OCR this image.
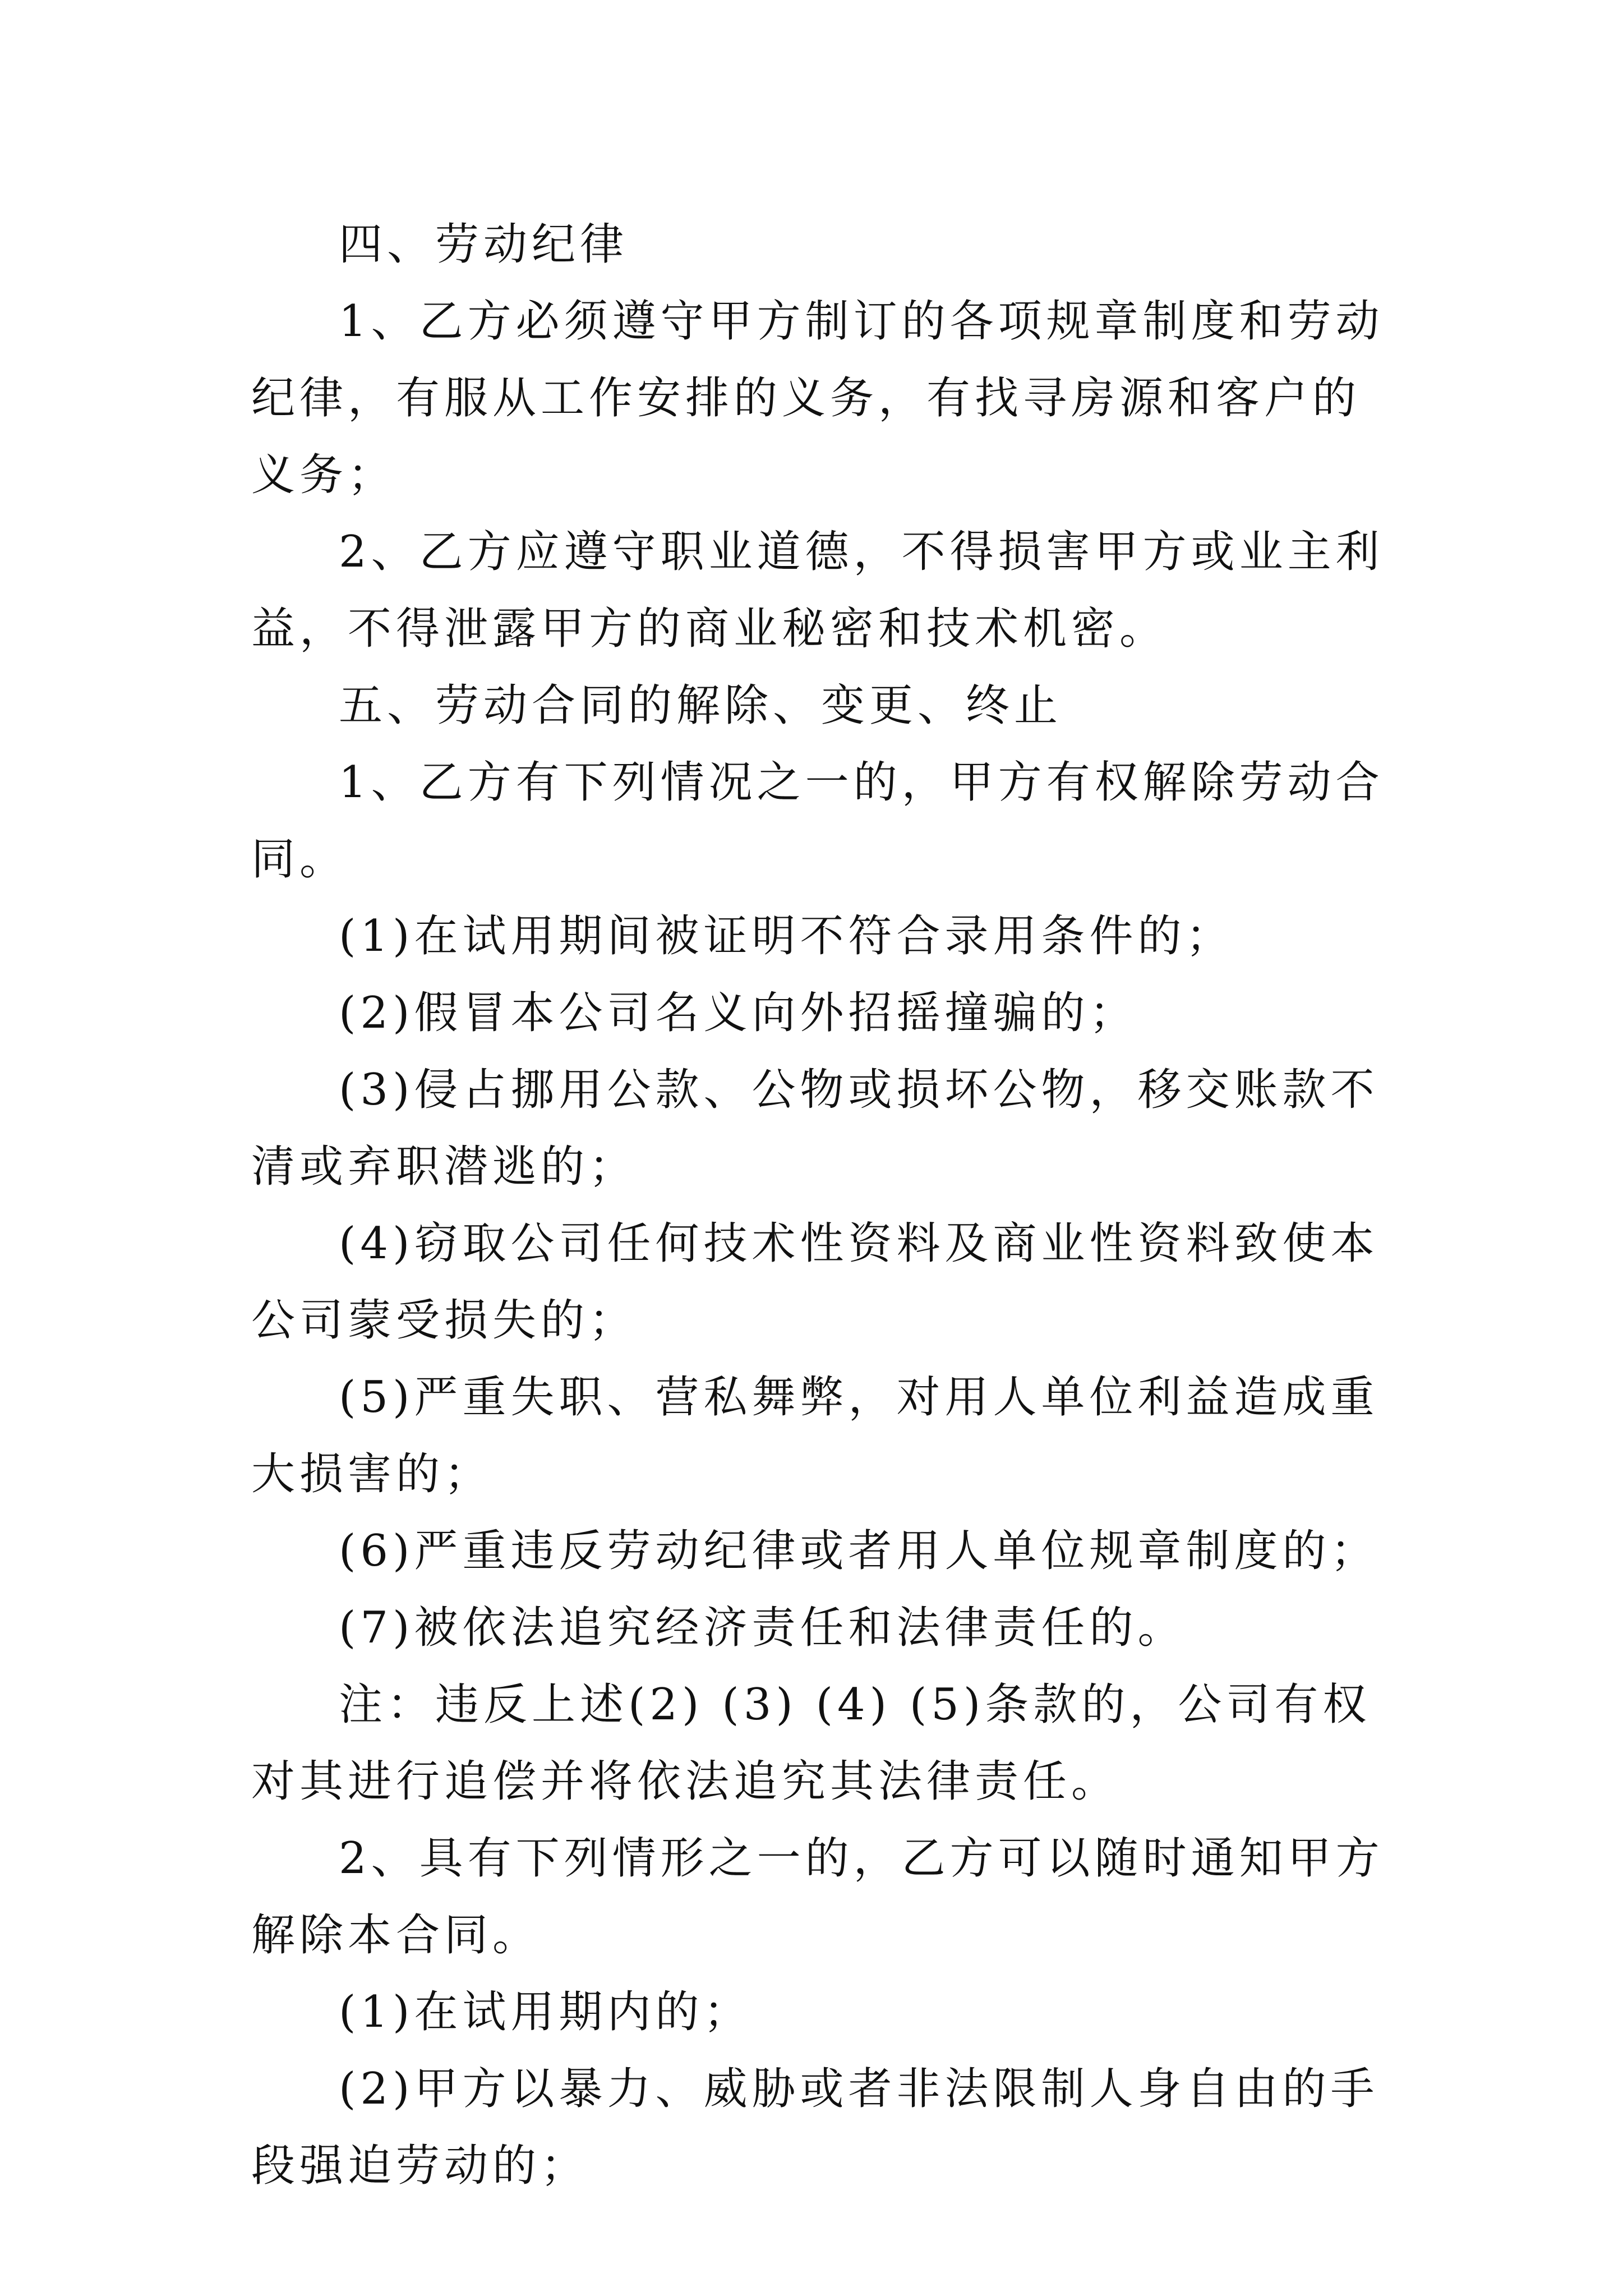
四、劳动纪律

1、乙方必须遵守甲方制订的各项规章制度和劳动纪律，有服从工作安排的义务，有找寻房源和客户的义务；

2、乙方应遵守职业道德，不得损害甲方或业主利益，不得泄露甲方的商业秘密和技术机密。

五、劳动合同的解除、变更、终止

1、乙方有下列情况之一的，甲方有权解除劳动合同。

(1)在试用期间被证明不符合录用条件的；

(2)假冒本公司名义向外招摇撞骗的；

(3)侵占挪用公款、公物或损坏公物，移交账款不清或弃职潜逃的；

(4)窃取公司任何技术性资料及商业性资料致使本公司蒙受损失的；

(5)严重失职、营私舞弊，对用人单位利益造成重大损害的；

(6)严重违反劳动纪律或者用人单位规章制度的；

(7)被依法追究经济责任和法律责任的。

注：违反上述(2) (3) (4) (5)条款的，公司有权对其进行追偿并将依法追究其法律责任。

2、具有下列情形之一的，乙方可以随时通知甲方解除本合同。

(1)在试用期内的；

(2)甲方以暴力、威胁或者非法限制人身自由的手段强迫劳动的；
